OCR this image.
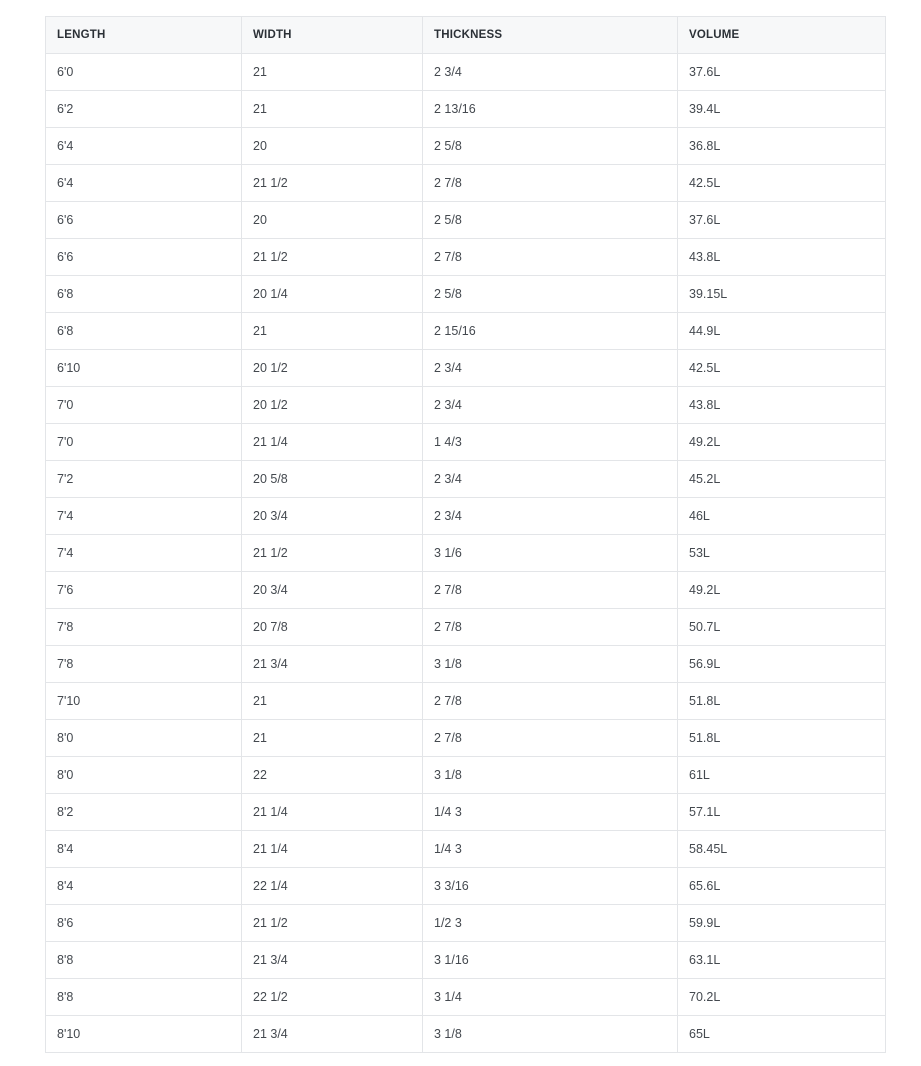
LENGTH	WIDTH	THICKNESS	VOLUME
6'0	21	2 3/4	37.6L
6'2	21	2 13/16	39.4L
6'4	20	2 5/8	36.8L
6'4	21 1/2	2 7/8	42.5L
6'6	20	2 5/8	37.6L
6'6	21 1/2	2 7/8	43.8L
6'8	20 1/4	2 5/8	39.15L
6'8	21	2 15/16	44.9L
6'10	20 1/2	2 3/4	42.5L
7'0	20 1/2	2 3/4	43.8L
7'0	21 1/4	1 4/3	49.2L
7'2	20 5/8	2 3/4	45.2L
7'4	20 3/4	2 3/4	46L
7'4	21 1/2	3 1/6	53L
7'6	20 3/4	2 7/8	49.2L
7'8	20 7/8	2 7/8	50.7L
7'8	21 3/4	3 1/8	56.9L
7'10	21	2 7/8	51.8L
8'0	21	2 7/8	51.8L
8'0	22	3 1/8	61L
8'2	21 1/4	1/4 3	57.1L
8'4	21 1/4	1/4 3	58.45L
8'4	22 1/4	3 3/16	65.6L
8'6	21 1/2	1/2 3	59.9L
8'8	21 3/4	3 1/16	63.1L
8'8	22 1/2	3 1/4	70.2L
8'10	21 3/4	3 1/8	65L
